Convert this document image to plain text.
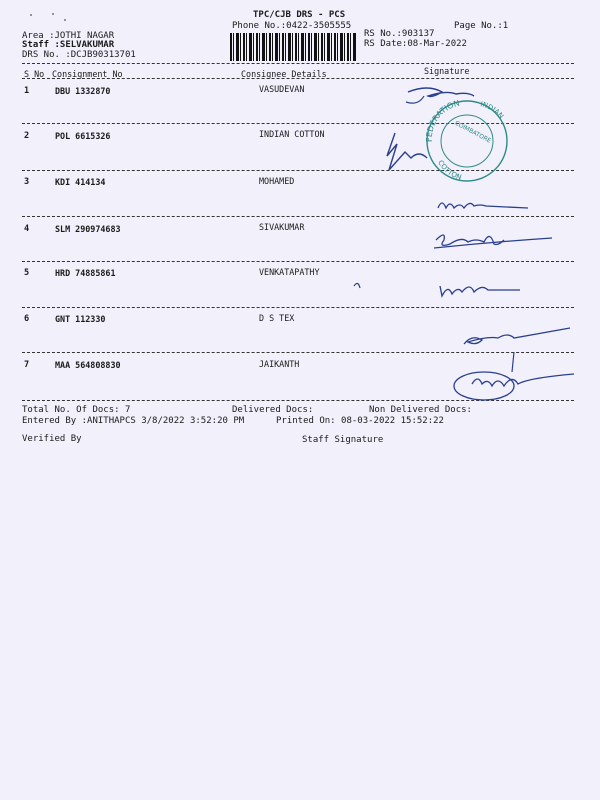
TPC/CJB DRS - PCS
Phone No.:0422-3505555	Page No.:1
Area :JOTHI NAGAR
Staff :SELVAKUMAR
DRS No. :DCJB90313701
RS No.:903137
RS Date:08-Mar-2022
S No Consignment No	Consignee Details	Signature
1	DBU 1332870	VASUDEVAN
2	POL 6615326	INDIAN COTTON
3	KDI 414134	MOHAMED
4	SLM 290974683	SIVAKUMAR
5	HRD 74885861	VENKATAPATHY
6	GNT 112330	D S TEX
7	MAA 564808830	JAIKANTH
FEDERATION	INDIAN
COTTON
COIMBATORE
Total No. Of Docs: 7	Delivered Docs:	Non Delivered Docs:
Entered By :ANITHAPCS 3/8/2022 3:52:20 PM	Printed On: 08-03-2022 15:52:22
Verified By	Staff Signature
